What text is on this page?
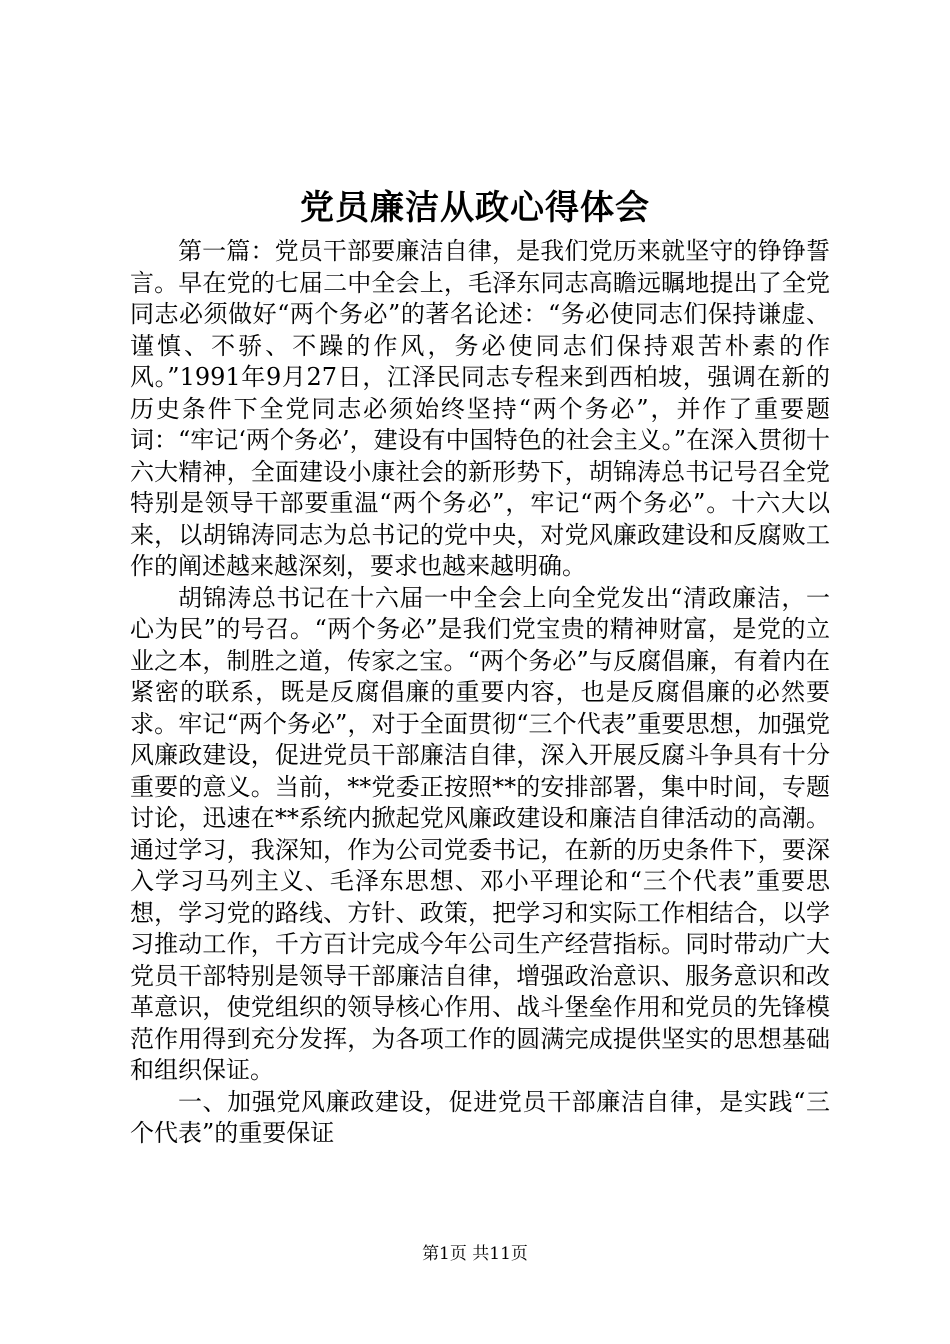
党员廉洁从政心得体会

第一篇：党员干部要廉洁自律，是我们党历来就坚守的铮铮誓言。早在党的七届二中全会上，毛泽东同志高瞻远瞩地提出了全党同志必须做好“两个务必”的著名论述：“务必使同志们保持谦虚、谨慎、不骄、不躁的作风，务必使同志们保持艰苦朴素的作风。”1991年9月27日，江泽民同志专程来到西柏坡，强调在新的历史条件下全党同志必须始终坚持“两个务必”，并作了重要题词：“牢记‘两个务必’，建设有中国特色的社会主义。”在深入贯彻十六大精神，全面建设小康社会的新形势下，胡锦涛总书记号召全党特别是领导干部要重温“两个务必”，牢记“两个务必”。十六大以来，以胡锦涛同志为总书记的党中央，对党风廉政建设和反腐败工作的阐述越来越深刻，要求也越来越明确。

胡锦涛总书记在十六届一中全会上向全党发出“清政廉洁，一心为民”的号召。“两个务必”是我们党宝贵的精神财富，是党的立业之本，制胜之道，传家之宝。“两个务必”与反腐倡廉，有着内在紧密的联系，既是反腐倡廉的重要内容，也是反腐倡廉的必然要求。牢记“两个务必”，对于全面贯彻“三个代表”重要思想，加强党风廉政建设，促进党员干部廉洁自律，深入开展反腐斗争具有十分重要的意义。当前，**党委正按照**的安排部署，集中时间，专题讨论，迅速在**系统内掀起党风廉政建设和廉洁自律活动的高潮。通过学习，我深知，作为公司党委书记，在新的历史条件下，要深入学习马列主义、毛泽东思想、邓小平理论和“三个代表”重要思想，学习党的路线、方针、政策，把学习和实际工作相结合，以学习推动工作，千方百计完成今年公司生产经营指标。同时带动广大党员干部特别是领导干部廉洁自律，增强政治意识、服务意识和改革意识，使党组织的领导核心作用、战斗堡垒作用和党员的先锋模范作用得到充分发挥，为各项工作的圆满完成提供坚实的思想基础和组织保证。

一、加强党风廉政建设，促进党员干部廉洁自律，是实践“三个代表”的重要保证

第1页 共11页
